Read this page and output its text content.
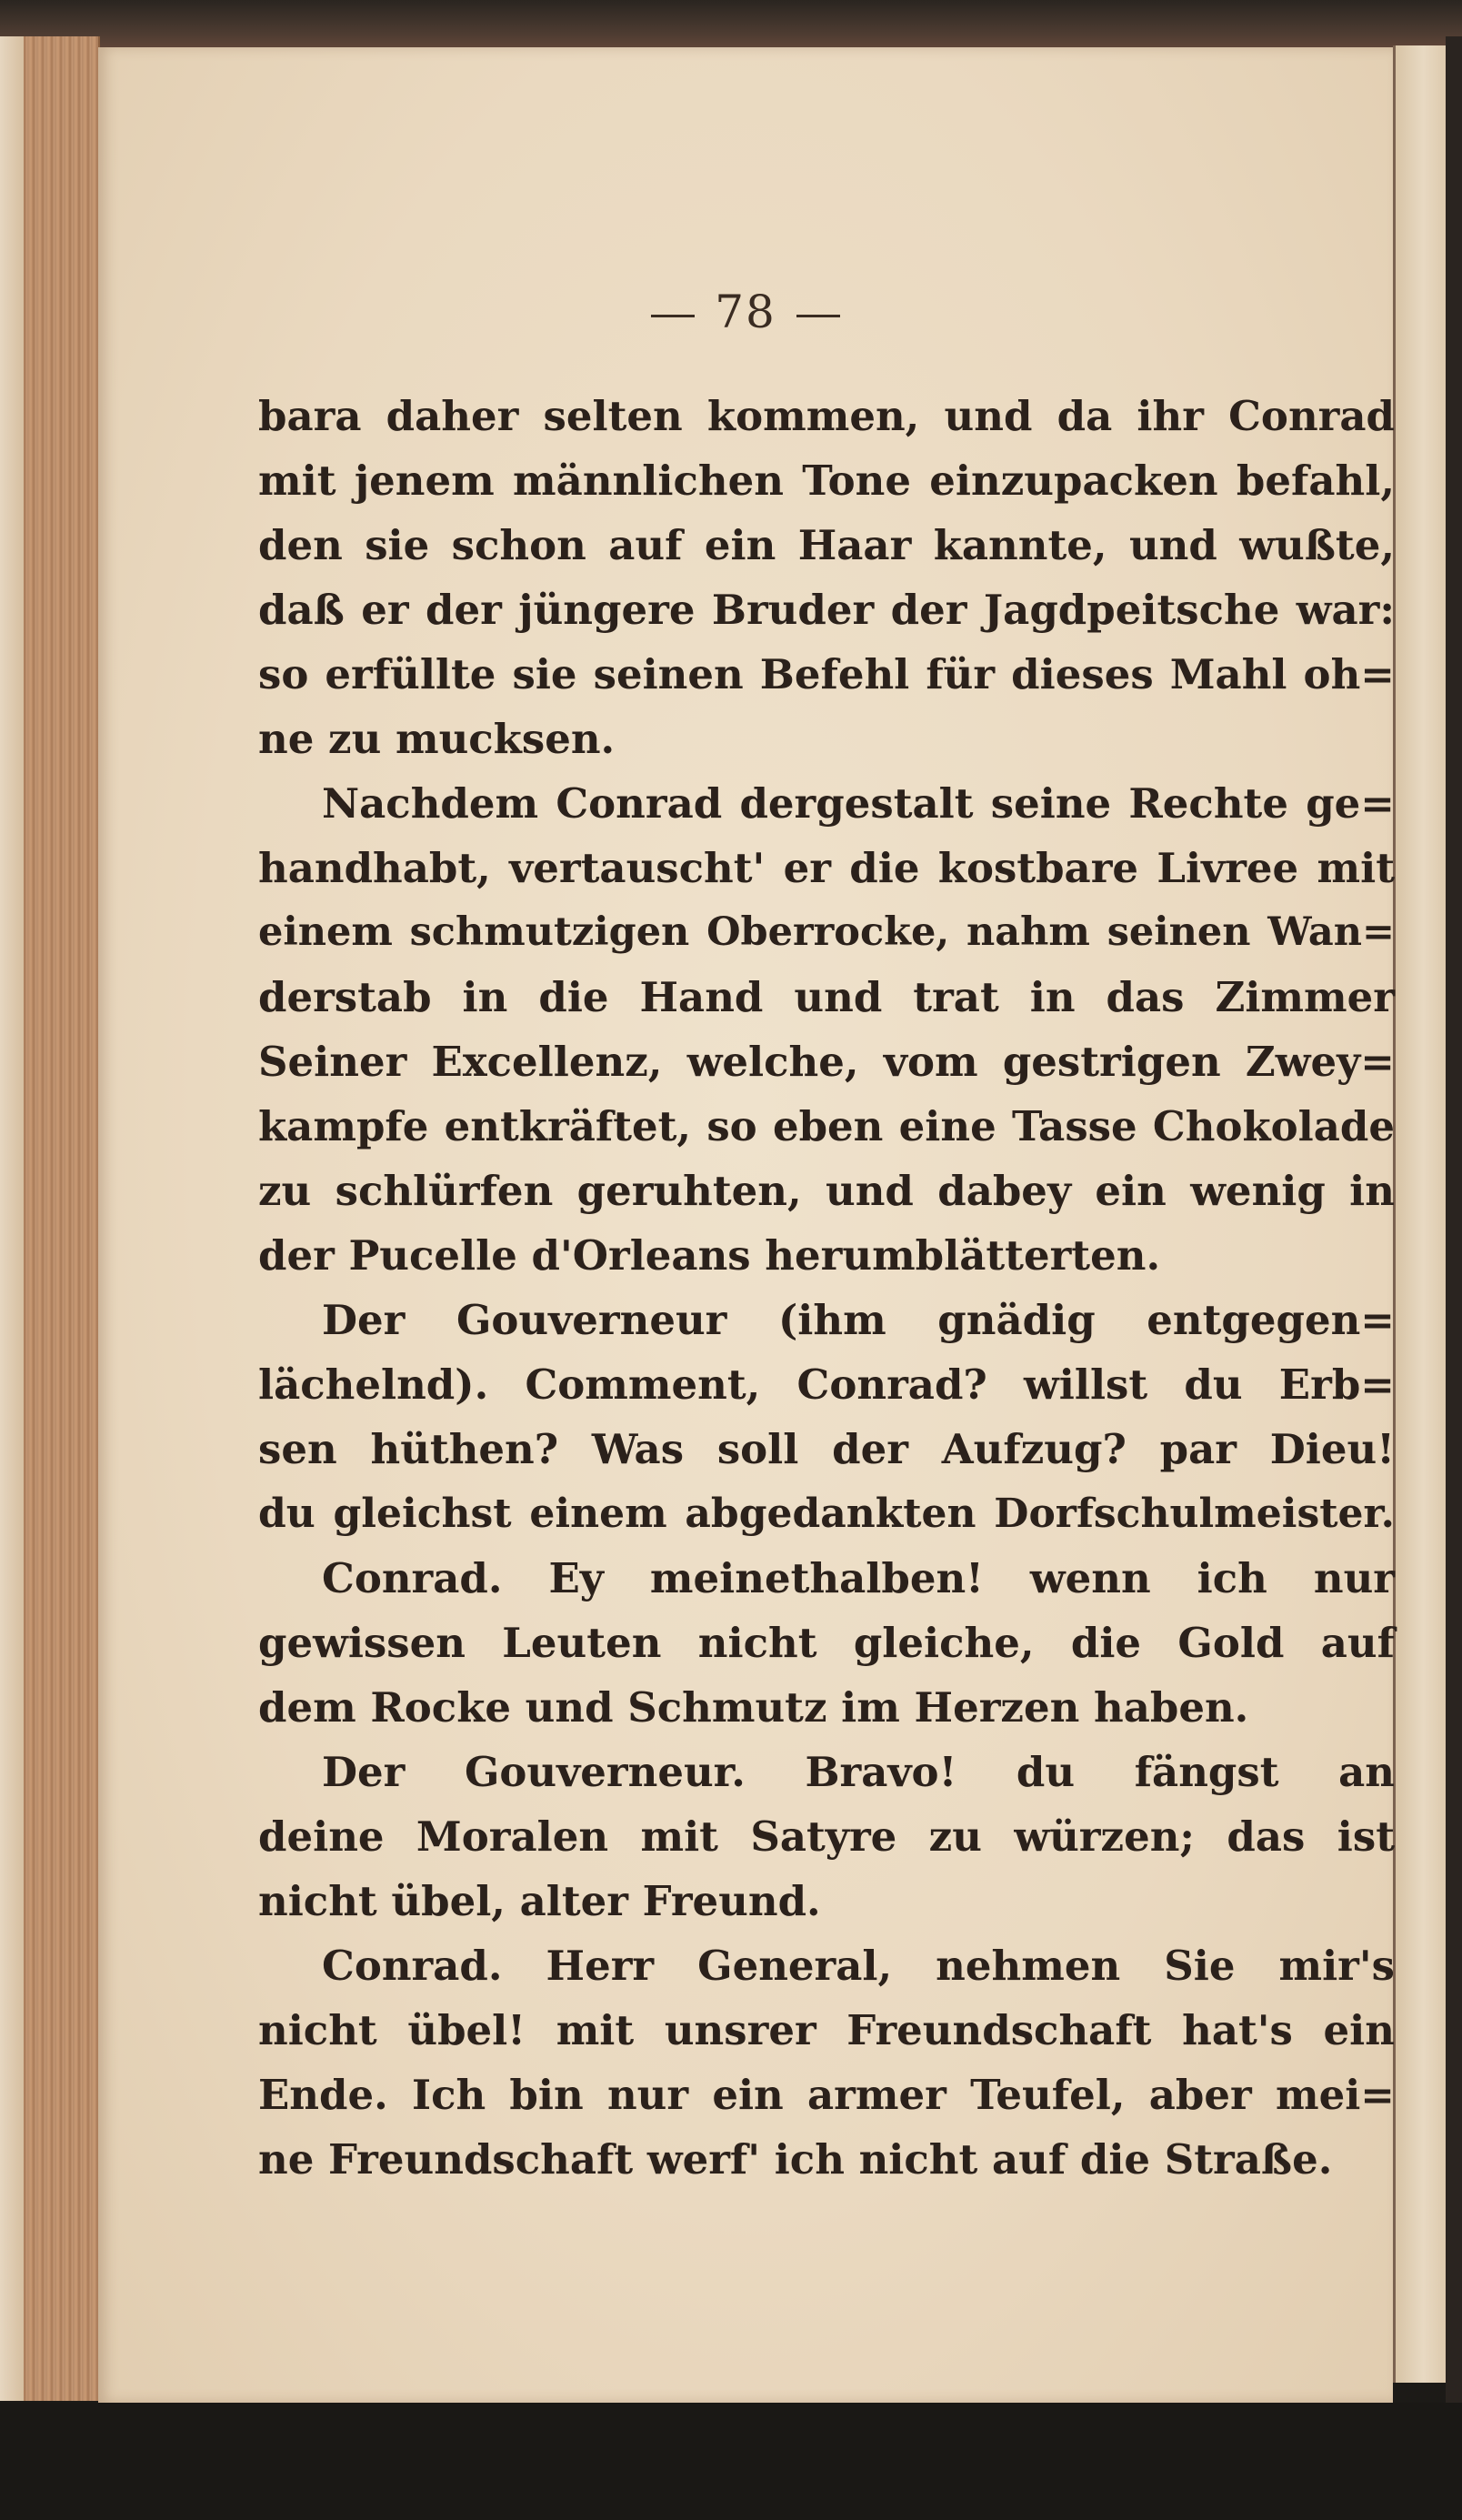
78
bara daher selten kommen, und da ihr Conrad
mit jenem männlichen Tone einzupacken befahl,
den sie schon auf ein Haar kannte, und wußte,
daß er der jüngere Bruder der Jagdpeitsche war:
so erfüllte sie seinen Befehl für dieses Mahl oh=
ne zu mucksen.
Nachdem Conrad dergestalt seine Rechte ge=
handhabt, vertauscht' er die kostbare Livree mit
einem schmutzigen Oberrocke, nahm seinen Wan=
derstab in die Hand und trat in das Zimmer
Seiner Excellenz, welche, vom gestrigen Zwey=
kampfe entkräftet, so eben eine Tasse Chokolade
zu schlürfen geruhten, und dabey ein wenig in
der Pucelle d'Orleans herumblätterten.
Der Gouverneur (ihm gnädig entgegen=
lächelnd). Comment, Conrad? willst du Erb=
sen hüthen? Was soll der Aufzug? par Dieu!
du gleichst einem abgedankten Dorfschulmeister.
Conrad. Ey meinethalben! wenn ich nur
gewissen Leuten nicht gleiche, die Gold auf
dem Rocke und Schmutz im Herzen haben.
Der Gouverneur. Bravo! du fängst an
deine Moralen mit Satyre zu würzen; das ist
nicht übel, alter Freund.
Conrad. Herr General, nehmen Sie mir's
nicht übel! mit unsrer Freundschaft hat's ein
Ende. Ich bin nur ein armer Teufel, aber mei=
ne Freundschaft werf' ich nicht auf die Straße.
